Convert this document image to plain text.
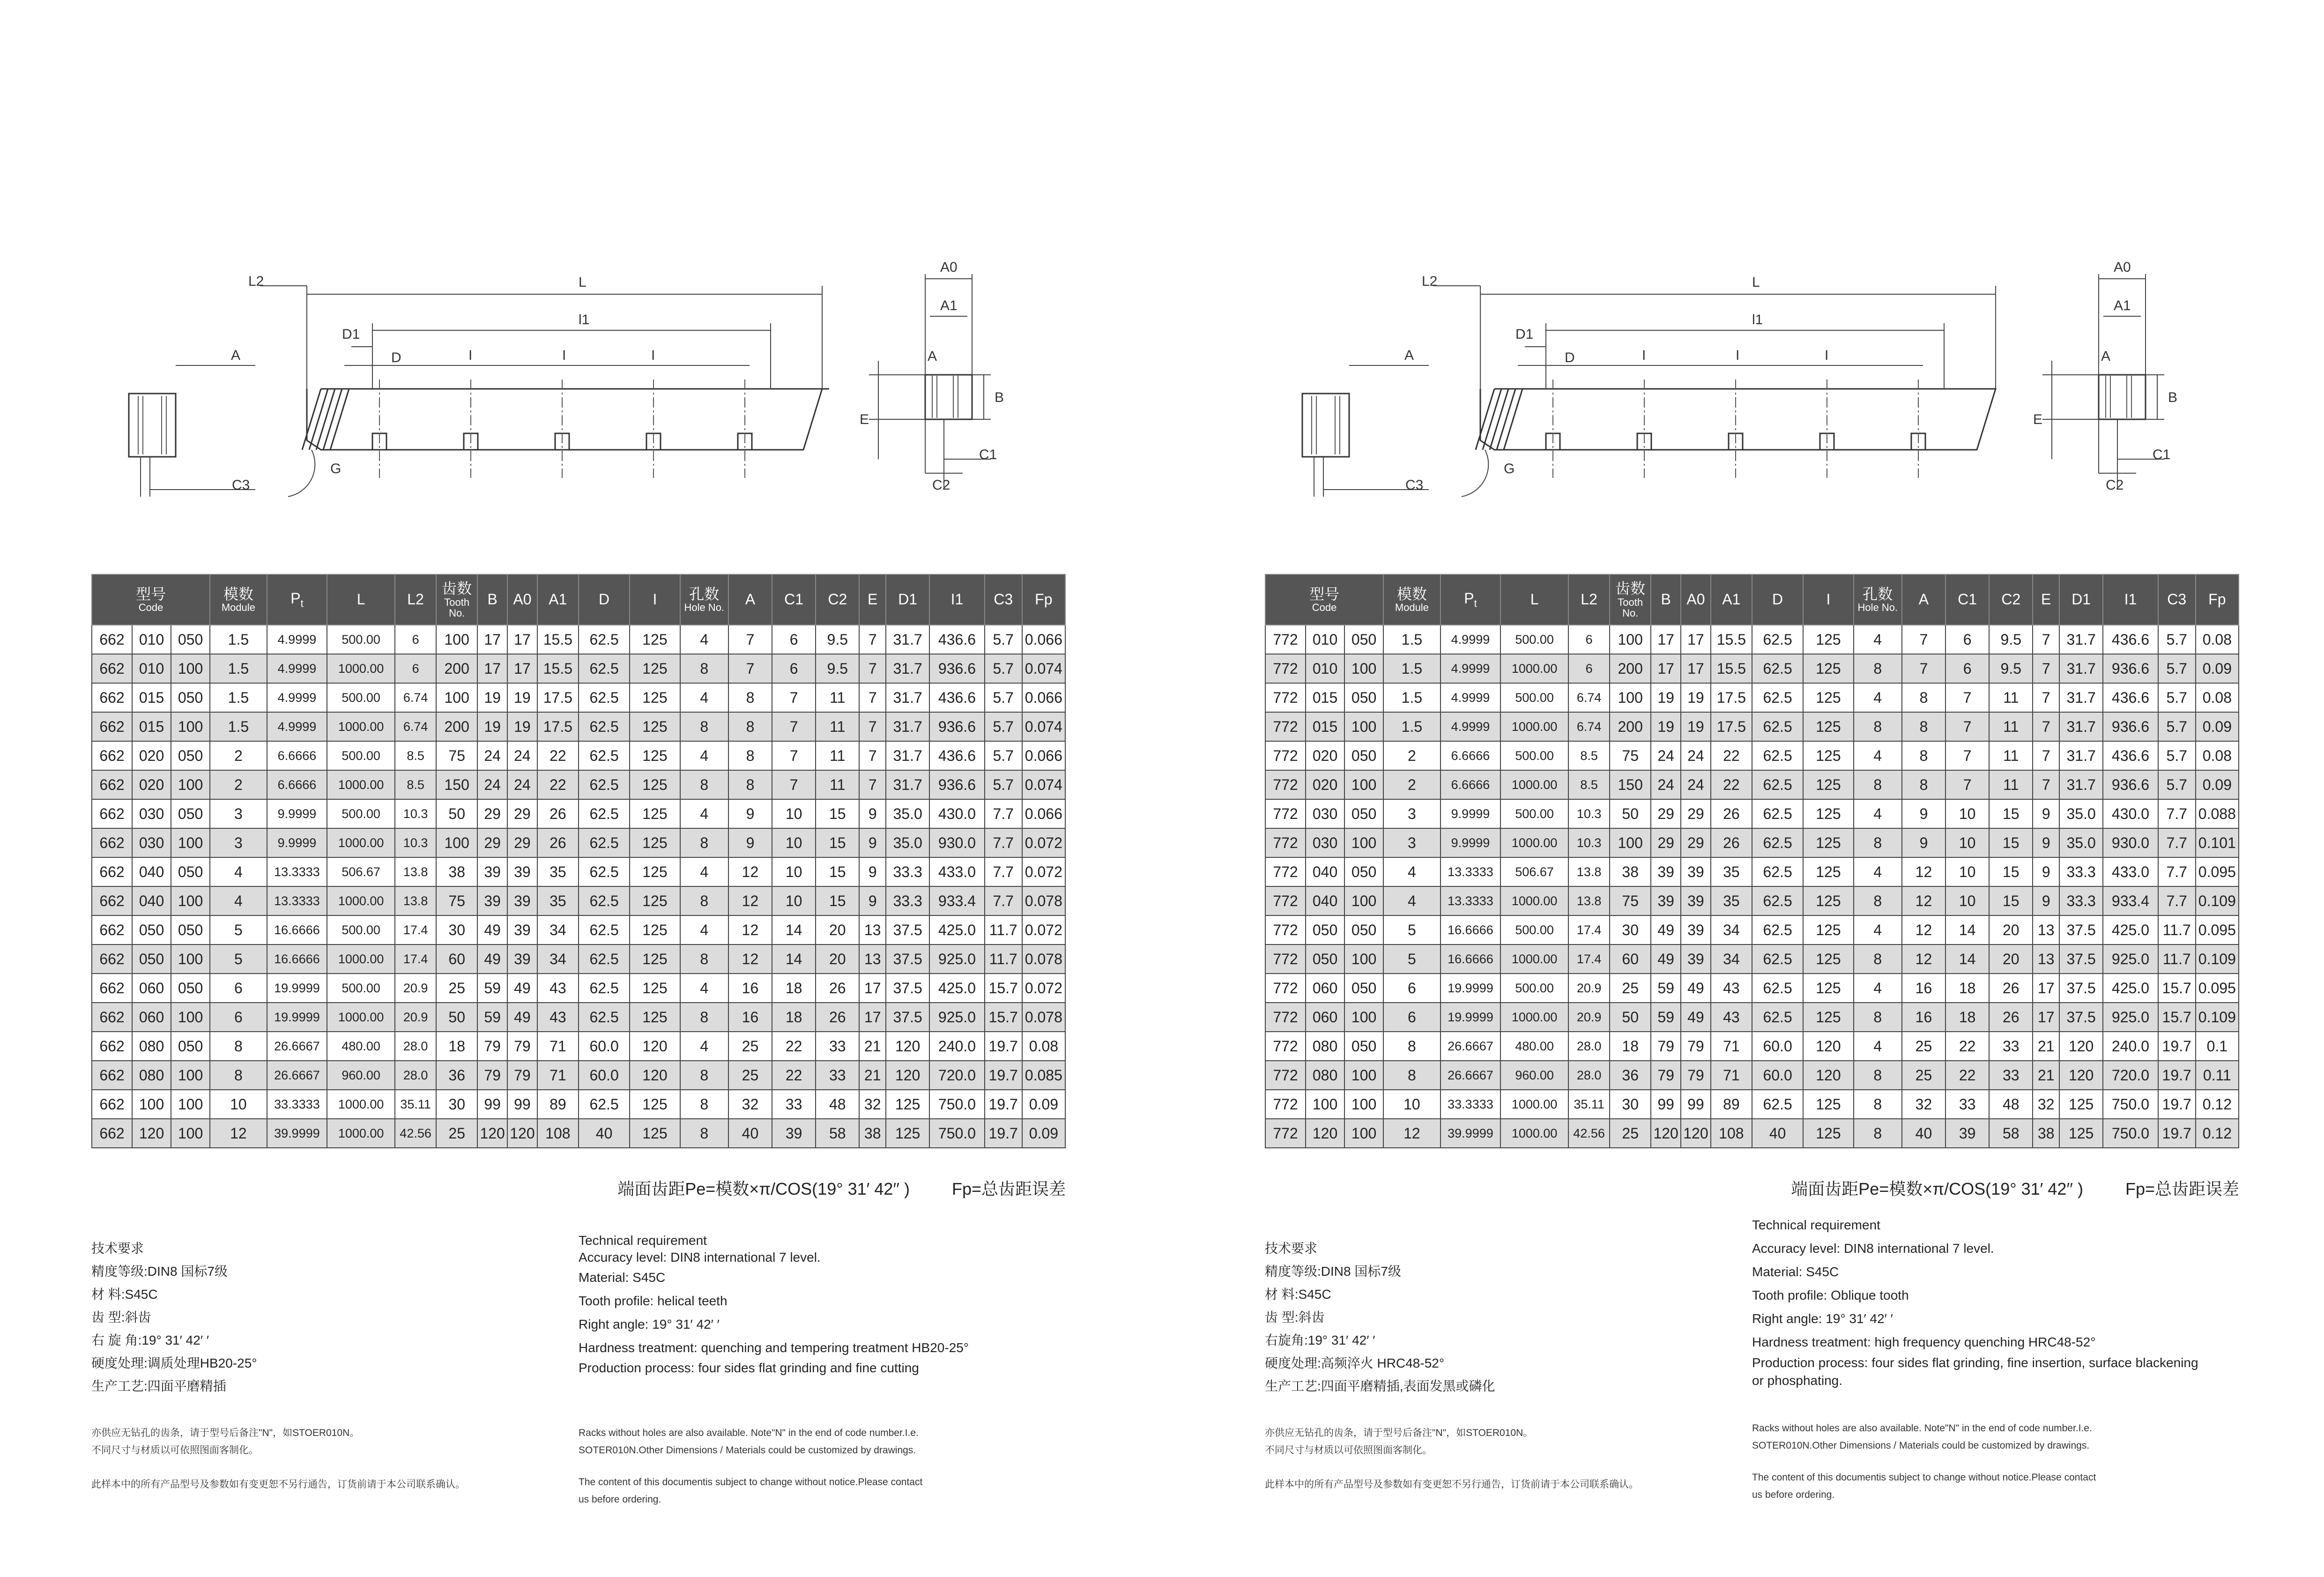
A
C3
L2	L
l1
D1
D	I	I	I
G
A0
A1
A
E
B
C1
C2
型号
Code			模数
Module	$P_t$	L	L2	齿数
Tooth No.	B	A0	A1	D	I	孔数
Hole No.	A	C1	C2	E	D1	I1	C3	Fp
662	010	050	1.5	4.9999	500.00	6	100	17	17	15.5	62.5	125	4	7	6	9.5	7	31.7	436.6	5.7	0.066
662	010	100	1.5	4.9999	1000.00	6	200	17	17	15.5	62.5	125	8	7	6	9.5	7	31.7	936.6	5.7	0.074
662	015	050	1.5	4.9999	500.00	6.74	100	19	19	17.5	62.5	125	4	8	7	11	7	31.7	436.6	5.7	0.066
662	015	100	1.5	4.9999	1000.00	6.74	200	19	19	17.5	62.5	125	8	8	7	11	7	31.7	936.6	5.7	0.074
662	020	050	2	6.6666	500.00	8.5	75	24	24	22	62.5	125	4	8	7	11	7	31.7	436.6	5.7	0.066
662	020	100	2	6.6666	1000.00	8.5	150	24	24	22	62.5	125	8	8	7	11	7	31.7	936.6	5.7	0.074
662	030	050	3	9.9999	500.00	10.3	50	29	29	26	62.5	125	4	9	10	15	9	35.0	430.0	7.7	0.066
662	030	100	3	9.9999	1000.00	10.3	100	29	29	26	62.5	125	8	9	10	15	9	35.0	930.0	7.7	0.072
662	040	050	4	13.3333	506.67	13.8	38	39	39	35	62.5	125	4	12	10	15	9	33.3	433.0	7.7	0.072
662	040	100	4	13.3333	1000.00	13.8	75	39	39	35	62.5	125	8	12	10	15	9	33.3	933.4	7.7	0.078
662	050	050	5	16.6666	500.00	17.4	30	49	39	34	62.5	125	4	12	14	20	13	37.5	425.0	11.7	0.072
662	050	100	5	16.6666	1000.00	17.4	60	49	39	34	62.5	125	8	12	14	20	13	37.5	925.0	11.7	0.078
662	060	050	6	19.9999	500.00	20.9	25	59	49	43	62.5	125	4	16	18	26	17	37.5	425.0	15.7	0.072
662	060	100	6	19.9999	1000.00	20.9	50	59	49	43	62.5	125	8	16	18	26	17	37.5	925.0	15.7	0.078
662	080	050	8	26.6667	480.00	28.0	18	79	79	71	60.0	120	4	25	22	33	21	120	240.0	19.7	0.08
662	080	100	8	26.6667	960.00	28.0	36	79	79	71	60.0	120	8	25	22	33	21	120	720.0	19.7	0.085
662	100	100	10	33.3333	1000.00	35.11	30	99	99	89	62.5	125	8	32	33	48	32	125	750.0	19.7	0.09
662	120	100	12	39.9999	1000.00	42.56	25	120	120	108	40	125	8	40	39	58	38	125	750.0	19.7	0.09
端面齿距Pe=模数×π/COS(19° 31′ 42′′ )	Fp=总齿距误差

技术要求

精度等级:DIN8 国标7级

材 料:S45C

齿 型:斜齿

右 旋 角:19° 31′ 42′ ′

硬度处理:调质处理HB20-25°

生产工艺:四面平磨精插

Technical requirement

Accuracy level: DIN8 international 7 level.

Material: S45C

Tooth profile: helical teeth

Right angle: 19° 31′ 42′ ′

Hardness treatment: quenching and tempering treatment HB20-25°

Production process: four sides flat grinding and fine cutting

亦供应无钻孔的齿条，请于型号后备注"N"，如STOER010N。

不同尺寸与材质以可依照图面客制化。

此样本中的所有产品型号及参数如有变更恕不另行通告，订货前请于本公司联系确认。

Racks without holes are also available. Note"N" in the end of code number.I.e.

SOTER010N.Other Dimensions / Materials could be customized by drawings.

The content of this documentis subject to change without notice.Please contact

us before ordering.

A
C3
L2	L
l1
D1
D	I	I	I
G
A0
A1
A
E
B
C1
C2
型号
Code			模数
Module	$P_t$	L	L2	齿数
Tooth No.	B	A0	A1	D	I	孔数
Hole No.	A	C1	C2	E	D1	I1	C3	Fp
772	010	050	1.5	4.9999	500.00	6	100	17	17	15.5	62.5	125	4	7	6	9.5	7	31.7	436.6	5.7	0.08
772	010	100	1.5	4.9999	1000.00	6	200	17	17	15.5	62.5	125	8	7	6	9.5	7	31.7	936.6	5.7	0.09
772	015	050	1.5	4.9999	500.00	6.74	100	19	19	17.5	62.5	125	4	8	7	11	7	31.7	436.6	5.7	0.08
772	015	100	1.5	4.9999	1000.00	6.74	200	19	19	17.5	62.5	125	8	8	7	11	7	31.7	936.6	5.7	0.09
772	020	050	2	6.6666	500.00	8.5	75	24	24	22	62.5	125	4	8	7	11	7	31.7	436.6	5.7	0.08
772	020	100	2	6.6666	1000.00	8.5	150	24	24	22	62.5	125	8	8	7	11	7	31.7	936.6	5.7	0.09
772	030	050	3	9.9999	500.00	10.3	50	29	29	26	62.5	125	4	9	10	15	9	35.0	430.0	7.7	0.088
772	030	100	3	9.9999	1000.00	10.3	100	29	29	26	62.5	125	8	9	10	15	9	35.0	930.0	7.7	0.101
772	040	050	4	13.3333	506.67	13.8	38	39	39	35	62.5	125	4	12	10	15	9	33.3	433.0	7.7	0.095
772	040	100	4	13.3333	1000.00	13.8	75	39	39	35	62.5	125	8	12	10	15	9	33.3	933.4	7.7	0.109
772	050	050	5	16.6666	500.00	17.4	30	49	39	34	62.5	125	4	12	14	20	13	37.5	425.0	11.7	0.095
772	050	100	5	16.6666	1000.00	17.4	60	49	39	34	62.5	125	8	12	14	20	13	37.5	925.0	11.7	0.109
772	060	050	6	19.9999	500.00	20.9	25	59	49	43	62.5	125	4	16	18	26	17	37.5	425.0	15.7	0.095
772	060	100	6	19.9999	1000.00	20.9	50	59	49	43	62.5	125	8	16	18	26	17	37.5	925.0	15.7	0.109
772	080	050	8	26.6667	480.00	28.0	18	79	79	71	60.0	120	4	25	22	33	21	120	240.0	19.7	0.1
772	080	100	8	26.6667	960.00	28.0	36	79	79	71	60.0	120	8	25	22	33	21	120	720.0	19.7	0.11
772	100	100	10	33.3333	1000.00	35.11	30	99	99	89	62.5	125	8	32	33	48	32	125	750.0	19.7	0.12
772	120	100	12	39.9999	1000.00	42.56	25	120	120	108	40	125	8	40	39	58	38	125	750.0	19.7	0.12
端面齿距Pe=模数×π/COS(19° 31′ 42′′ )	Fp=总齿距误差

技术要求

精度等级:DIN8 国标7级

材 料:S45C

齿 型:斜齿

右旋角:19° 31′ 42′ ′

硬度处理:高频淬火 HRC48-52°

生产工艺:四面平磨精插,表面发黑或磷化

Technical requirement

Accuracy level: DIN8 international 7 level.

Material: S45C

Tooth profile: Oblique tooth

Right angle: 19° 31′ 42′ ′

Hardness treatment: high frequency quenching HRC48-52°

Production process: four sides flat grinding, fine insertion, surface blackening

or phosphating.

亦供应无钻孔的齿条，请于型号后备注"N"，如STOER010N。

不同尺寸与材质以可依照图面客制化。

此样本中的所有产品型号及参数如有变更恕不另行通告，订货前请于本公司联系确认。

Racks without holes are also available. Note"N" in the end of code number.I.e.

SOTER010N.Other Dimensions / Materials could be customized by drawings.

The content of this documentis subject to change without notice.Please contact

us before ordering.
